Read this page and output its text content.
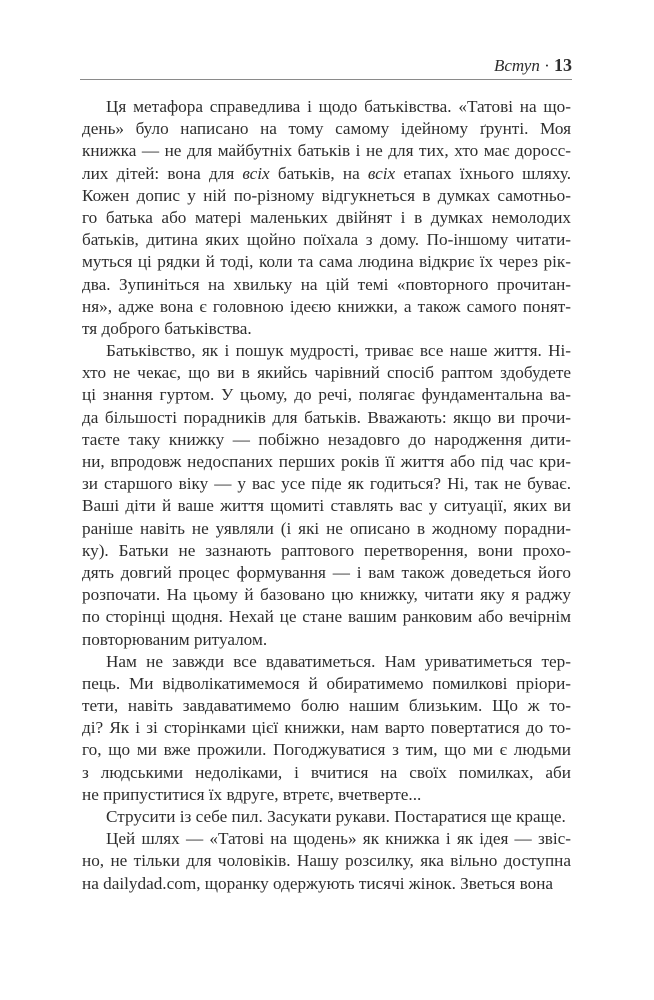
Вступ · 13
Ця метафора справедлива і щодо батьківства. «Татові на що-
день» було написано на тому самому ідейному ґрунті. Моя
книжка — не для майбутніх батьків і не для тих, хто має доросс-
лих дітей: вона для всіх батьків, на всіх етапах їхнього шляху.
Кожен допис у ній по-різному відгукнеться в думках самотньо-
го батька або матері маленьких двійнят і в думках немолодих
батьків, дитина яких щойно поїхала з дому. По-іншому читати-
муться ці рядки й тоді, коли та сама людина відкриє їх через рік-
два. Зупиніться на хвильку на цій темі «повторного прочитан-
ня», адже вона є головною ідеєю книжки, а також самого понят-
тя доброго батьківства.
Батьківство, як і пошук мудрості, триває все наше життя. Ні-
хто не чекає, що ви в якийсь чарівний спосіб раптом здобудете
ці знання гуртом. У цьому, до речі, полягає фундаментальна ва-
да більшості порадників для батьків. Вважають: якщо ви прочи-
таєте таку книжку — побіжно незадовго до народження дити-
ни, впродовж недоспаних перших років її життя або під час кри-
зи старшого віку — у вас усе піде як годиться? Ні, так не буває.
Ваші діти й ваше життя щомиті ставлять вас у ситуації, яких ви
раніше навіть не уявляли (і які не описано в жодному порадни-
ку). Батьки не зазнають раптового перетворення, вони прохо-
дять довгий процес формування — і вам також доведеться його
розпочати. На цьому й базовано цю книжку, читати яку я раджу
по сторінці щодня. Нехай це стане вашим ранковим або вечірнім
повторюваним ритуалом.
Нам не завжди все вдаватиметься. Нам уриватиметься тер-
пець. Ми відволікатимемося й обиратимемо помилкові пріори-
тети, навіть завдаватимемо болю нашим близьким. Що ж то-
ді? Як і зі сторінками цієї книжки, нам варто повертатися до то-
го, що ми вже прожили. Погоджуватися з тим, що ми є людьми
з людськими недоліками, і вчитися на своїх помилках, аби
не припуститися їх вдруге, втретє, вчетверте...
Струсити із себе пил. Засукати рукави. Постаратися ще краще.
Цей шлях — «Татові на щодень» як книжка і як ідея — звіс-
но, не тільки для чоловіків. Нашу розсилку, яка вільно доступна
на dailydad.com, щоранку одержують тисячі жінок. Зветься вона
